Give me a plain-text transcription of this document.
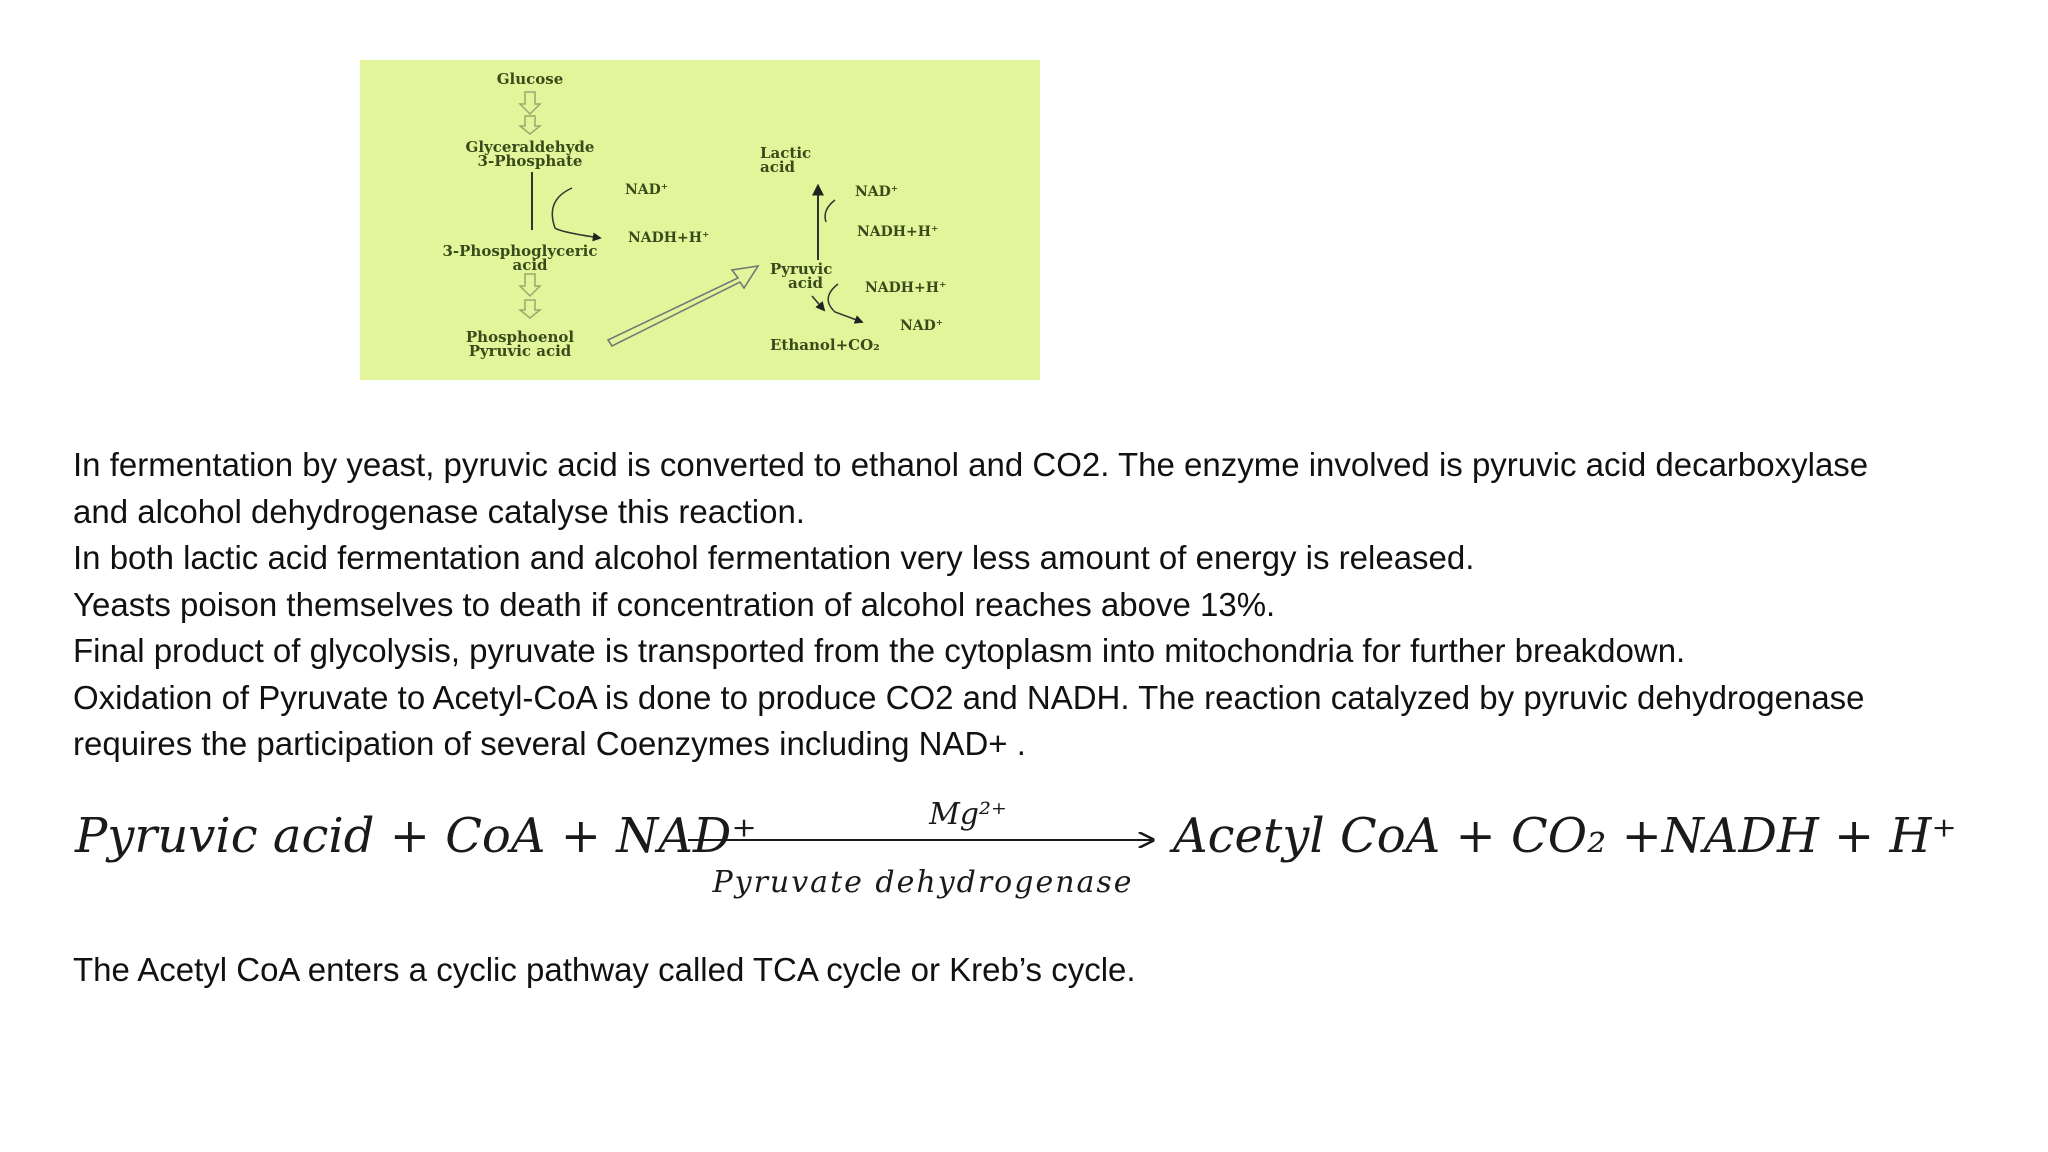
Glucose
Glyceraldehyde
3-Phosphate
NAD⁺
NADH+H⁺
3-Phosphoglyceric
acid
Phosphoenol
Pyruvic acid
Lactic
acid
NAD⁺
NADH+H⁺
Pyruvic
acid	NADH+H⁺
NAD⁺
Ethanol+CO₂

In fermentation by yeast, pyruvic acid is converted to ethanol and CO2. The enzyme involved is pyruvic acid decarboxylase

and alcohol dehydrogenase catalyse this reaction.

In both lactic acid fermentation and alcohol fermentation very less amount of energy is released.

Yeasts poison themselves to death if concentration of alcohol reaches above 13%.

Final product of glycolysis, pyruvate is transported from the cytoplasm into mitochondria for further breakdown.

Oxidation of Pyruvate to Acetyl-CoA is done to produce CO2 and NADH. The reaction catalyzed by pyruvic dehydrogenase

requires the participation of several Coenzymes including NAD+ .

Pyruvic acid + CoA + NAD⁺	Mg²⁺
Pyruvate dehydrogenase
Acetyl CoA + CO₂ +NADH + H⁺
The Acetyl CoA enters a cyclic pathway called TCA cycle or Kreb’s cycle.
